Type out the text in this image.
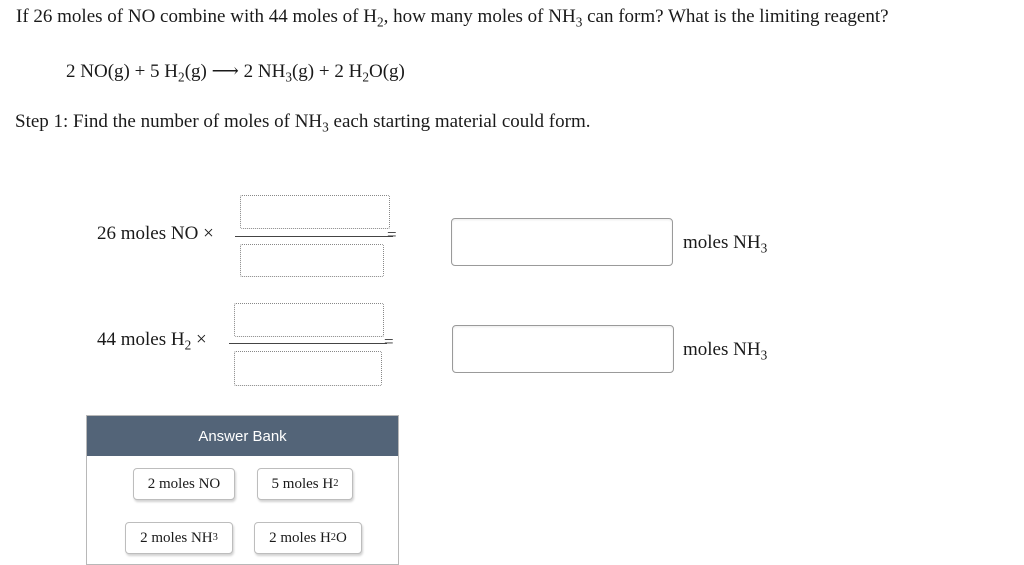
If 26 moles of NO combine with 44 moles of $H_2$, how many moles of $NH_3$ can form? What is the limiting reagent?
2 NO(g) + 5 $H_2(g)$ ⟶ 2 $NH_3(g) + 2$ $H_2O(g)$
Step 1: Find the number of moles of $NH_3$ each starting material could form.
26 moles NO ×	=	moles $NH_3$
44 moles $H_2$ ×	=	moles $NH_3$
Answer Bank
2 moles NO	5 moles H 2
2 moles NH 3	2 moles H 2 O
